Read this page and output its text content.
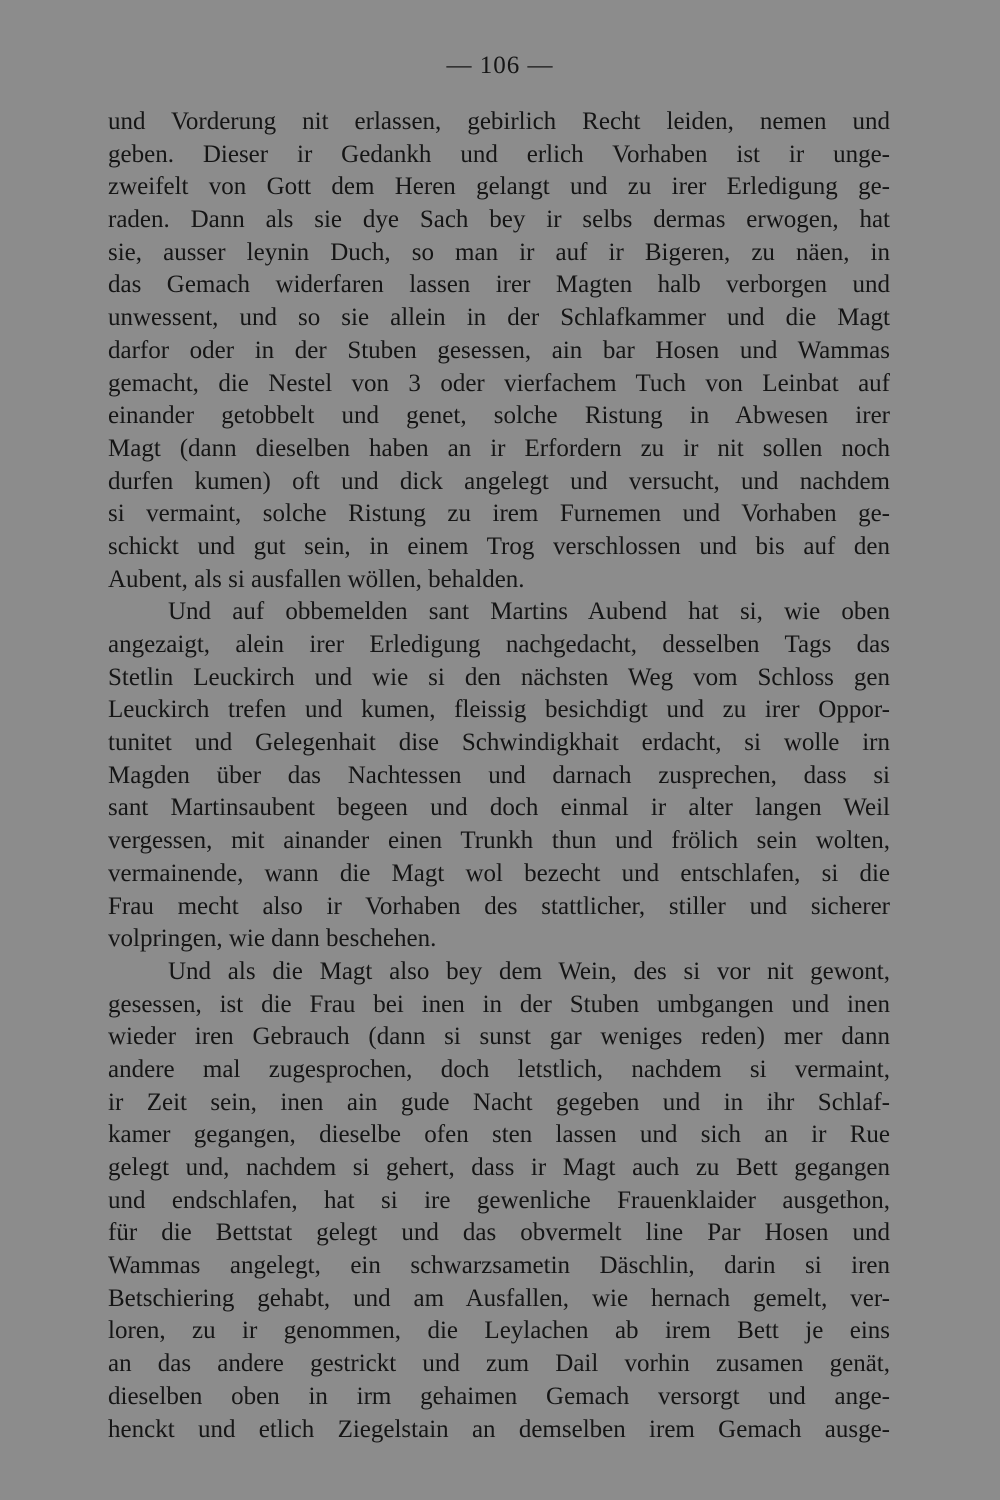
— 106 —
und Vorderung nit erlassen, gebirlich Recht leiden, nemen und
geben. Dieser ir Gedankh und erlich Vorhaben ist ir unge-
zweifelt von Gott dem Heren gelangt und zu irer Erledigung ge-
raden. Dann als sie dye Sach bey ir selbs dermas erwogen, hat
sie, ausser leynin Duch, so man ir auf ir Bigeren, zu näen, in
das Gemach widerfaren lassen irer Magten halb verborgen und
unwessent, und so sie allein in der Schlafkammer und die Magt
darfor oder in der Stuben gesessen, ain bar Hosen und Wammas
gemacht, die Nestel von 3 oder vierfachem Tuch von Leinbat auf
einander getobbelt und genet, solche Ristung in Abwesen irer
Magt (dann dieselben haben an ir Erfordern zu ir nit sollen noch
durfen kumen) oft und dick angelegt und versucht, und nachdem
si vermaint, solche Ristung zu irem Furnemen und Vorhaben ge-
schickt und gut sein, in einem Trog verschlossen und bis auf den
Aubent, als si ausfallen wöllen, behalden.
Und auf obbemelden sant Martins Aubend hat si, wie oben
angezaigt, alein irer Erledigung nachgedacht, desselben Tags das
Stetlin Leuckirch und wie si den nächsten Weg vom Schloss gen
Leuckirch trefen und kumen, fleissig besichdigt und zu irer Oppor-
tunitet und Gelegenhait dise Schwindigkhait erdacht, si wolle irn
Magden über das Nachtessen und darnach zusprechen, dass si
sant Martinsaubent begeen und doch einmal ir alter langen Weil
vergessen, mit ainander einen Trunkh thun und frölich sein wolten,
vermainende, wann die Magt wol bezecht und entschlafen, si die
Frau mecht also ir Vorhaben des stattlicher, stiller und sicherer
volpringen, wie dann beschehen.
Und als die Magt also bey dem Wein, des si vor nit gewont,
gesessen, ist die Frau bei inen in der Stuben umbgangen und inen
wieder iren Gebrauch (dann si sunst gar weniges reden) mer dann
andere mal zugesprochen, doch letstlich, nachdem si vermaint,
ir Zeit sein, inen ain gude Nacht gegeben und in ihr Schlaf-
kamer gegangen, dieselbe ofen sten lassen und sich an ir Rue
gelegt und, nachdem si gehert, dass ir Magt auch zu Bett gegangen
und endschlafen, hat si ire gewenliche Frauenklaider ausgethon,
für die Bettstat gelegt und das obvermelt line Par Hosen und
Wammas angelegt, ein schwarzsametin Däschlin, darin si iren
Betschiering gehabt, und am Ausfallen, wie hernach gemelt, ver-
loren, zu ir genommen, die Leylachen ab irem Bett je eins
an das andere gestrickt und zum Dail vorhin zusamen genät,
dieselben oben in irm gehaimen Gemach versorgt und ange-
henckt und etlich Ziegelstain an demselben irem Gemach ausge-
